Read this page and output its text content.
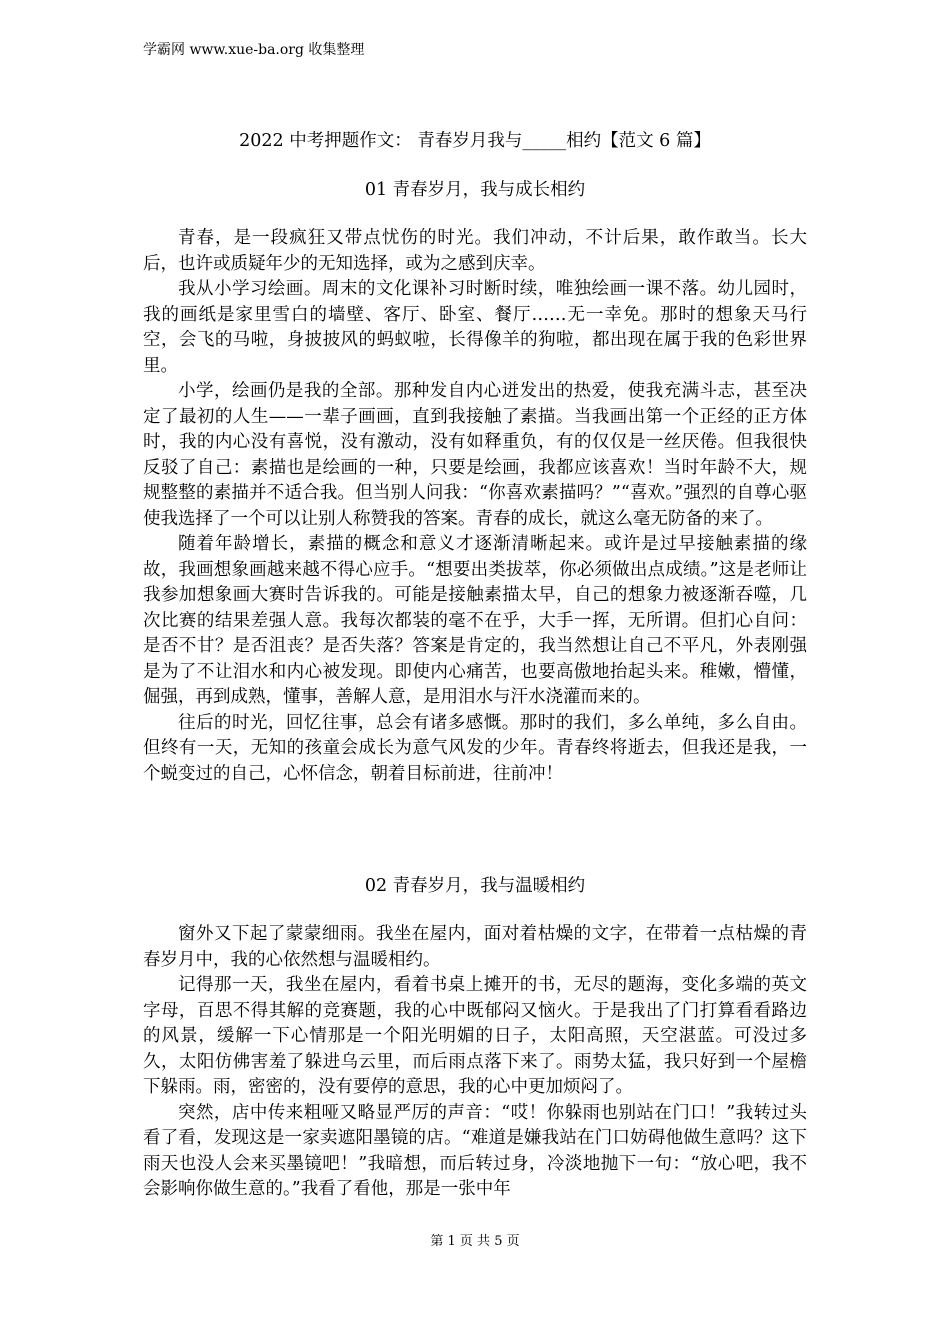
学霸网 www.xue-ba.org 收集整理
2022 中考押题作文： 青春岁月我与_____相约【范文 6 篇】
01 青春岁月，我与成长相约

青春，是一段疯狂又带点忧伤的时光。我们冲动，不计后果，敢作敢当。长大后，也许或质疑年少的无知选择，或为之感到庆幸。

我从小学习绘画。周末的文化课补习时断时续，唯独绘画一课不落。幼儿园时，我的画纸是家里雪白的墙壁、客厅、卧室、餐厅……无一幸免。那时的想象天马行空，会飞的马啦，身披披风的蚂蚁啦，长得像羊的狗啦，都出现在属于我的色彩世界里。

小学，绘画仍是我的全部。那种发自内心迸发出的热爱，使我充满斗志，甚至决定了最初的人生——一辈子画画，直到我接触了素描。当我画出第一个正经的正方体时，我的内心没有喜悦，没有激动，没有如释重负，有的仅仅是一丝厌倦。但我很快反驳了自己：素描也是绘画的一种，只要是绘画，我都应该喜欢！当时年龄不大，规规整整的素描并不适合我。但当别人问我：“你喜欢素描吗？”“喜欢。”强烈的自尊心驱使我选择了一个可以让别人称赞我的答案。青春的成长，就这么毫无防备的来了。

随着年龄增长，素描的概念和意义才逐渐清晰起来。或许是过早接触素描的缘故，我画想象画越来越不得心应手。“想要出类拔萃，你必须做出点成绩。”这是老师让我参加想象画大赛时告诉我的。可能是接触素描太早，自己的想象力被逐渐吞噬，几次比赛的结果差强人意。我每次都装的毫不在乎，大手一挥，无所谓。但扪心自问：是否不甘？是否沮丧？是否失落？答案是肯定的，我当然想让自己不平凡，外表刚强是为了不让泪水和内心被发现。即使内心痛苦，也要高傲地抬起头来。稚嫩，懵懂，倔强，再到成熟，懂事，善解人意，是用泪水与汗水浇灌而来的。

往后的时光，回忆往事，总会有诸多感慨。那时的我们，多么单纯，多么自由。但终有一天，无知的孩童会成长为意气风发的少年。青春终将逝去，但我还是我，一个蜕变过的自己，心怀信念，朝着目标前进，往前冲！

02 青春岁月，我与温暖相约

窗外又下起了蒙蒙细雨。我坐在屋内，面对着枯燥的文字，在带着一点枯燥的青春岁月中，我的心依然想与温暖相约。

记得那一天，我坐在屋内，看着书桌上摊开的书，无尽的题海，变化多端的英文字母，百思不得其解的竞赛题，我的心中既郁闷又恼火。于是我出了门打算看看路边的风景，缓解一下心情那是一个阳光明媚的日子，太阳高照，天空湛蓝。可没过多久，太阳仿佛害羞了躲进乌云里，而后雨点落下来了。雨势太猛，我只好到一个屋檐下躲雨。雨，密密的，没有要停的意思，我的心中更加烦闷了。

突然，店中传来粗哑又略显严厉的声音：“哎！你躲雨也别站在门口！”我转过头看了看，发现这是一家卖遮阳墨镜的店。“难道是嫌我站在门口妨碍他做生意吗？这下雨天也没人会来买墨镜吧！”我暗想，而后转过身，冷淡地抛下一句：“放心吧，我不会影响你做生意的。”我看了看他，那是一张中年

第 1 页 共 5 页
